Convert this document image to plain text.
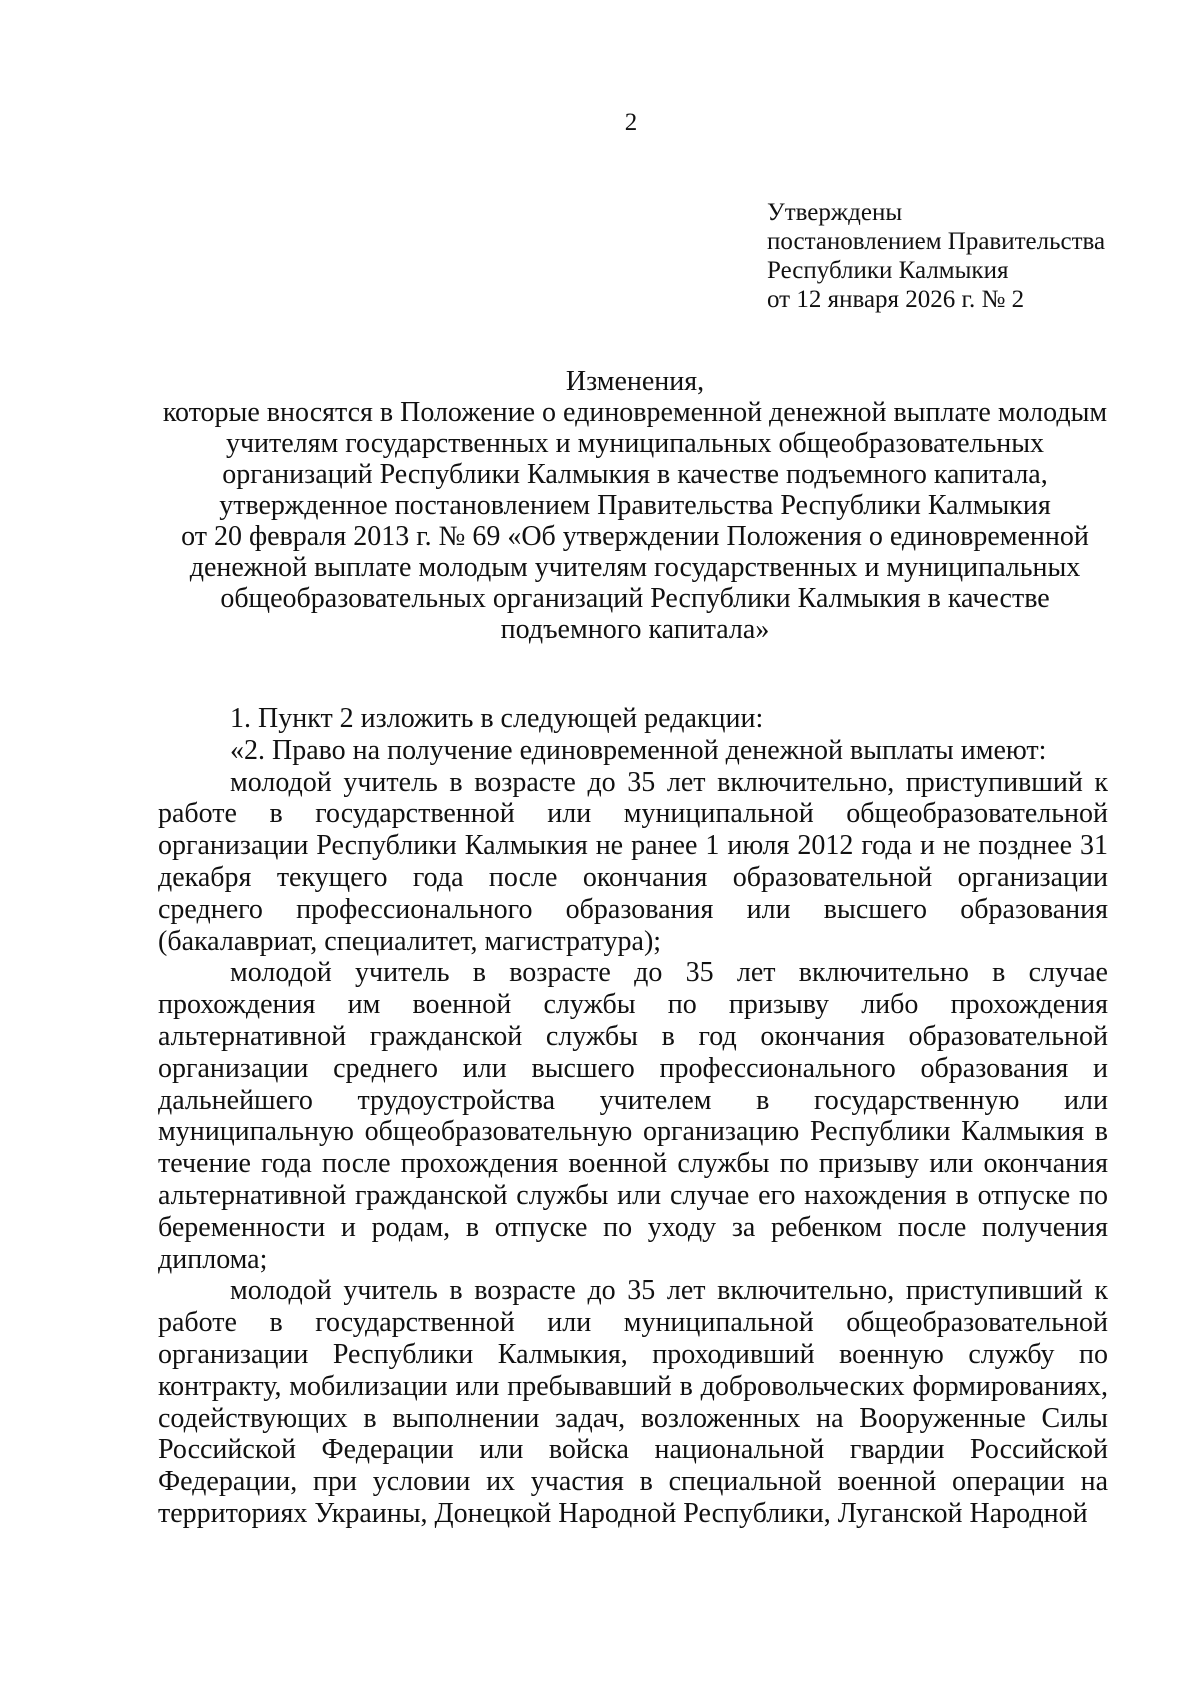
2
Утверждены
постановлением Правительства
Республики Калмыкия
от 12 января 2026 г. № 2
Изменения,
которые вносятся в Положение о единовременной денежной выплате молодым
учителям государственных и муниципальных общеобразовательных
организаций Республики Калмыкия в качестве подъемного капитала,
утвержденное постановлением Правительства Республики Калмыкия
от 20 февраля 2013 г. № 69 «Об утверждении Положения о единовременной
денежной выплате молодым учителям государственных и муниципальных
общеобразовательных организаций Республики Калмыкия в качестве
подъемного капитала»

1. Пункт 2 изложить в следующей редакции:

«2. Право на получение единовременной денежной выплаты имеют:

молодой учитель в возрасте до 35 лет включительно, приступивший к работе в государственной или муниципальной общеобразовательной организации Республики Калмыкия не ранее 1 июля 2012 года и не позднее 31 декабря текущего года после окончания образовательной организации среднего профессионального образования или высшего образования (бакалавриат, специалитет, магистратура);

молодой учитель в возрасте до 35 лет включительно в случае прохождения им военной службы по призыву либо прохождения альтернативной гражданской службы в год окончания образовательной организации среднего или высшего профессионального образования и дальнейшего трудоустройства учителем в государственную или муниципальную общеобразовательную организацию Республики Калмыкия в течение года после прохождения военной службы по призыву или окончания альтернативной гражданской службы или случае его нахождения в отпуске по беременности и родам, в отпуске по уходу за ребенком после получения диплома;

молодой учитель в возрасте до 35 лет включительно, приступивший к работе в государственной или муниципальной общеобразовательной организации Республики Калмыкия, проходивший военную службу по контракту, мобилизации или пребывавший в добровольческих формированиях, содействующих в выполнении задач, возложенных на Вооруженные Силы Российской Федерации или войска национальной гвардии Российской Федерации, при условии их участия в специальной военной операции на территориях Украины, Донецкой Народной Республики, Луганской Народной
